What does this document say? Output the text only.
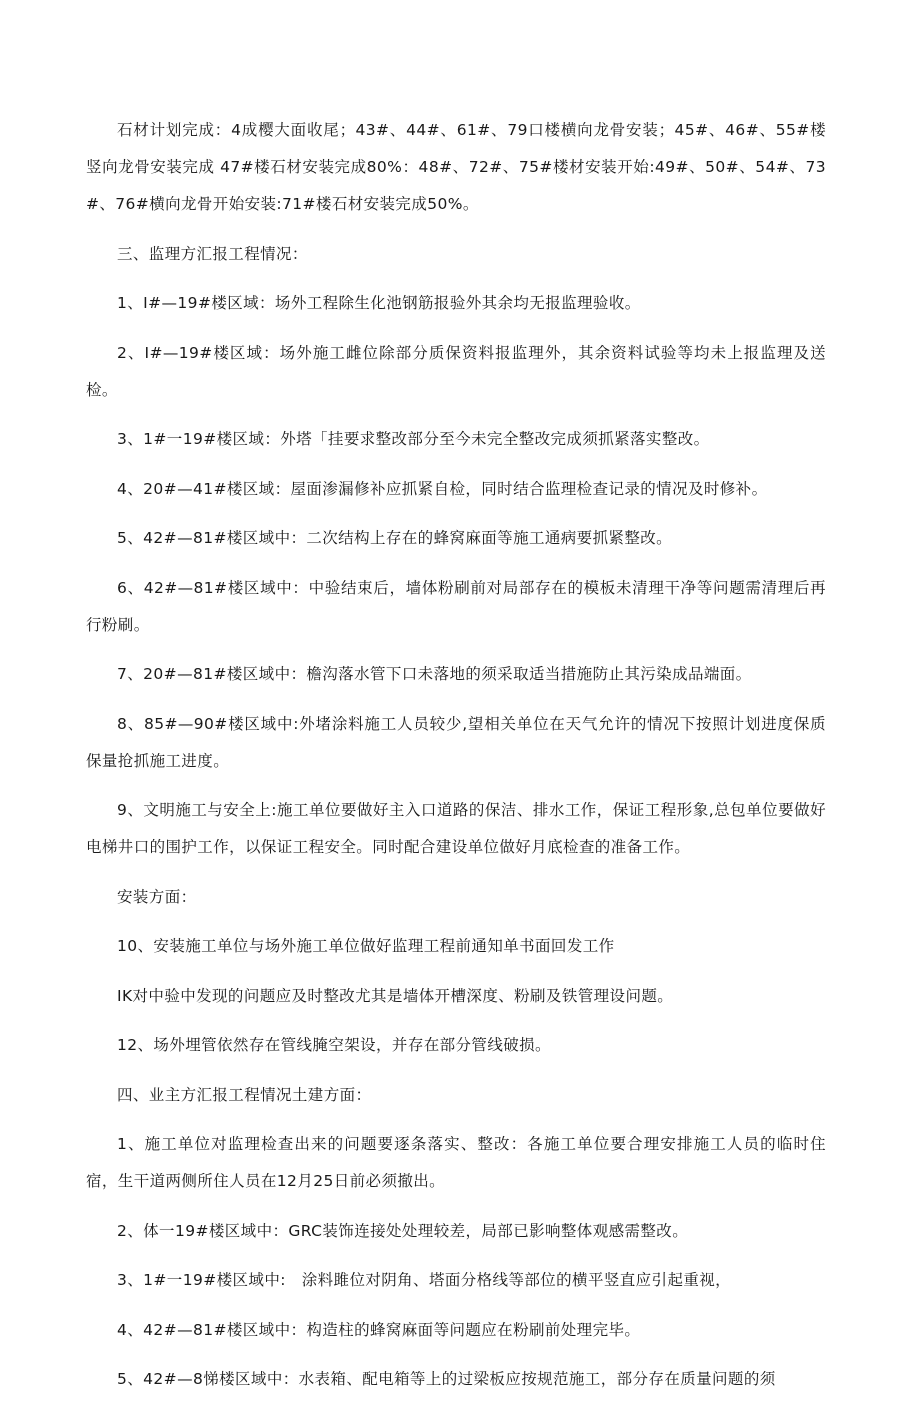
石材计划完成：4成樱大面收尾；43#、44#、61#、79口楼横向龙骨安装；45#、46#、55#楼竖向龙骨安装完成 47#楼石材安装完成80%：48#、72#、75#楼材安装开始:49#、50#、54#、73#、76#横向龙骨开始安装:71#楼石材安装完成50%。

三、监理方汇报工程情况：

1、I#—19#楼区域：场外工程除生化池钢筋报验外其余均无报监理验收。

2、I#—19#楼区域：场外施工雌位除部分质保资料报监理外，其余资料试验等均未上报监理及送检。

3、1#一19#楼区域：外塔「挂要求整改部分至今未完全整改完成须抓紧落实整改。

4、20#—41#楼区域：屋面渗漏修补应抓紧自检，同时结合监理检查记录的情况及时修补。

5、42#—81#楼区域中：二次结构上存在的蜂窝麻面等施工通病要抓紧整改。

6、42#—81#楼区域中：中验结束后，墙体粉刷前对局部存在的模板未清理干净等问题需清理后再行粉刷。

7、20#—81#楼区域中：檐沟落水管下口未落地的须采取适当措施防止其污染成品端面。

8、85#—90#楼区域中:外堵涂料施工人员较少,望相关单位在天气允许的情况下按照计划进度保质保量抢抓施工进度。

9、文明施工与安全上:施工单位要做好主入口道路的保洁、排水工作，保证工程形象,总包单位要做好电梯井口的围护工作，以保证工程安全。同时配合建设单位做好月底检查的准备工作。

安装方面：

10、安装施工单位与场外施工单位做好监理工程前通知单书面回发工作

IK对中验中发现的问题应及时整改尤其是墙体开槽深度、粉刷及铁管理设问题。

12、场外埋管依然存在管线腌空架设，并存在部分管线破损。

四、业主方汇报工程情况土建方面：

1、施工单位对监理检查出来的问题要逐条落实、整改：各施工单位要合理安排施工人员的临时住宿，生干道两侧所住人员在12月25日前必须撤出。

2、体一19#楼区域中：GRC装饰连接处处理较差，局部已影响整体观感需整改。

3、1#一19#楼区域中:　涂料雎位对阴角、塔面分格线等部位的横平竖直应引起重视，

4、42#—81#楼区域中：构造柱的蜂窝麻面等问题应在粉刷前处理完毕。

5、42#—8悌楼区域中：水表箱、配电箱等上的过梁板应按规范施工，部分存在质量问题的须
